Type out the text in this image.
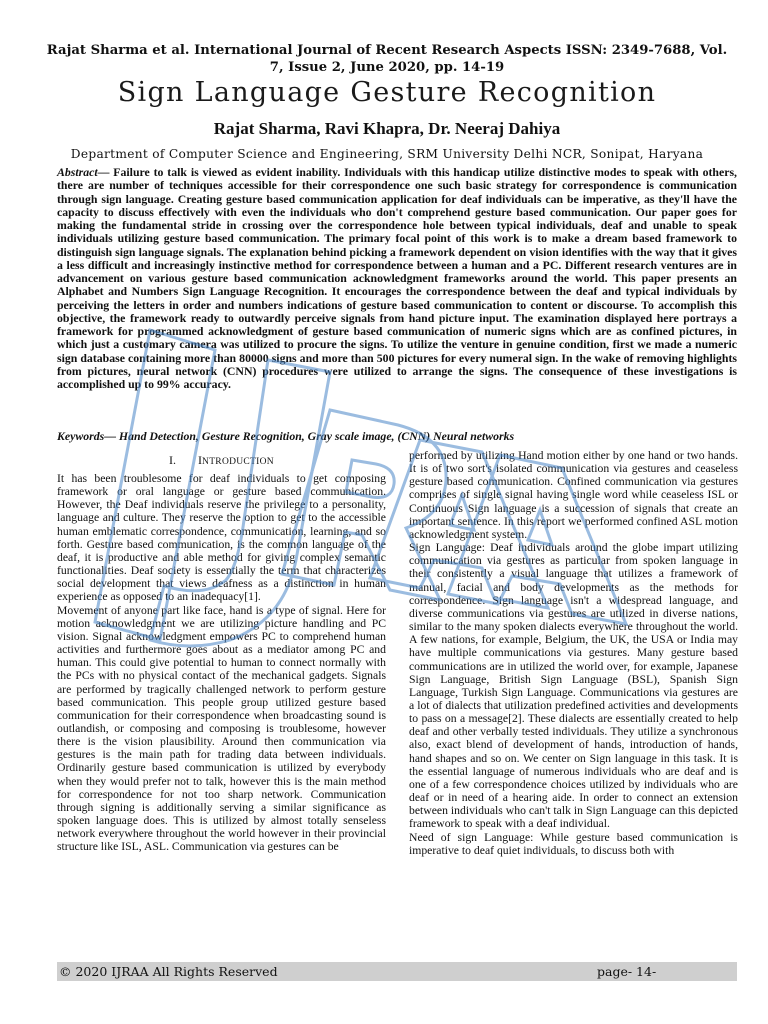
Rajat Sharma et al. International Journal of Recent Research Aspects ISSN: 2349-7688, Vol. 7, Issue 2, June 2020, pp. 14-19
Sign Language Gesture Recognition
Rajat Sharma, Ravi Khapra, Dr. Neeraj Dahiya
Department of Computer Science and Engineering, SRM University Delhi NCR, Sonipat, Haryana

Abstract— Failure to talk is viewed as evident inability. Individuals with this handicap utilize distinctive modes to speak with others, there are number of techniques accessible for their correspondence one such basic strategy for correspondence is communication through sign language. Creating gesture based communication application for deaf individuals can be imperative, as they'll have the capacity to discuss effectively with even the individuals who don't comprehend gesture based communication. Our paper goes for making the fundamental stride in crossing over the correspondence hole between typical individuals, deaf and unable to speak individuals utilizing gesture based communication. The primary focal point of this work is to make a dream based framework to distinguish sign language signals. The explanation behind picking a framework dependent on vision identifies with the way that it gives a less difficult and increasingly instinctive method for correspondence between a human and a PC. Different research ventures are in advancement on various gesture based communication acknowledgment frameworks around the world. This paper presents an Alphabet and Numbers Sign Language Recognition. It encourages the correspondence between the deaf and typical individuals by perceiving the letters in order and numbers indications of gesture based communication to content or discourse. To accomplish this objective, the framework ready to outwardly perceive signals from hand picture input. The examination displayed here portrays a framework for programmed acknowledgment of gesture based communication of numeric signs which are as confined pictures, in which just a customary camera was utilized to procure the signs. To utilize the venture in genuine condition, first we made a numeric sign database containing more than 80000 signs and more than 500 pictures for every numeral sign. In the wake of removing highlights from pictures, neural network (CNN) procedures were utilized to arrange the signs. The consequence of these investigations is accomplished up to 99% accuracy.

Keywords— Hand Detection, Gesture Recognition, Gray scale image, (CNN) Neural networks
I. INTRODUCTION

It has been troublesome for deaf individuals to get composing framework or oral language or gesture based communication. However, the Deaf individuals reserve the privilege to a personality, language and culture. They reserve the option to get to the accessible human emblematic correspondence, communication, learning, and so forth. Gesture based communication, is the common language of the deaf, it is productive and able method for giving complex semantic functionalities. Deaf society is essentially the term that characterizes social development that views deafness as a distinction in human experience as opposed to an inadequacy[1].

Movement of anyone part like face, hand is a type of signal. Here for motion acknowledgment we are utilizing picture handling and PC vision. Signal acknowledgment empowers PC to comprehend human activities and furthermore goes about as a mediator among PC and human. This could give potential to human to connect normally with the PCs with no physical contact of the mechanical gadgets. Signals are performed by tragically challenged network to perform gesture based communication. This people group utilized gesture based communication for their correspondence when broadcasting sound is outlandish, or composing and composing is troublesome, however there is the vision plausibility. Around then communication via gestures is the main path for trading data between individuals. Ordinarily gesture based communication is utilized by everybody when they would prefer not to talk, however this is the main method for correspondence for not too sharp network. Communication through signing is additionally serving a similar significance as spoken language does. This is utilized by almost totally senseless network everywhere throughout the world however in their provincial structure like ISL, ASL. Communication via gestures can be

performed by utilizing Hand motion either by one hand or two hands. It is of two sort's isolated communication via gestures and ceaseless gesture based communication. Confined communication via gestures comprises of single signal having single word while ceaseless ISL or Continuous Sign language is a succession of signals that create an important sentence. In this report we performed confined ASL motion acknowledgment system.

Sign Language: Deaf individuals around the globe impart utilizing communication via gestures as particular from spoken language in their consistently a visual language that utilizes a framework of manual, facial and body developments as the methods for correspondence. Sign language isn't a widespread language, and diverse communications via gestures are utilized in diverse nations, similar to the many spoken dialects everywhere throughout the world. A few nations, for example, Belgium, the UK, the USA or India may have multiple communications via gestures. Many gesture based communications are in utilized the world over, for example, Japanese Sign Language, British Sign Language (BSL), Spanish Sign Language, Turkish Sign Language. Communications via gestures are a lot of dialects that utilization predefined activities and developments to pass on a message[2]. These dialects are essentially created to help deaf and other verbally tested individuals. They utilize a synchronous also, exact blend of development of hands, introduction of hands, hand shapes and so on. We center on Sign language in this task. It is the essential language of numerous individuals who are deaf and is one of a few correspondence choices utilized by individuals who are deaf or in need of a hearing aide. In order to connect an extension between individuals who can't talk in Sign Language can this depicted framework to speak with a deaf individual.

Need of sign Language: While gesture based communication is imperative to deaf quiet individuals, to discuss both with

© 2020 IJRAA All Rights Reserved	page- 14-
